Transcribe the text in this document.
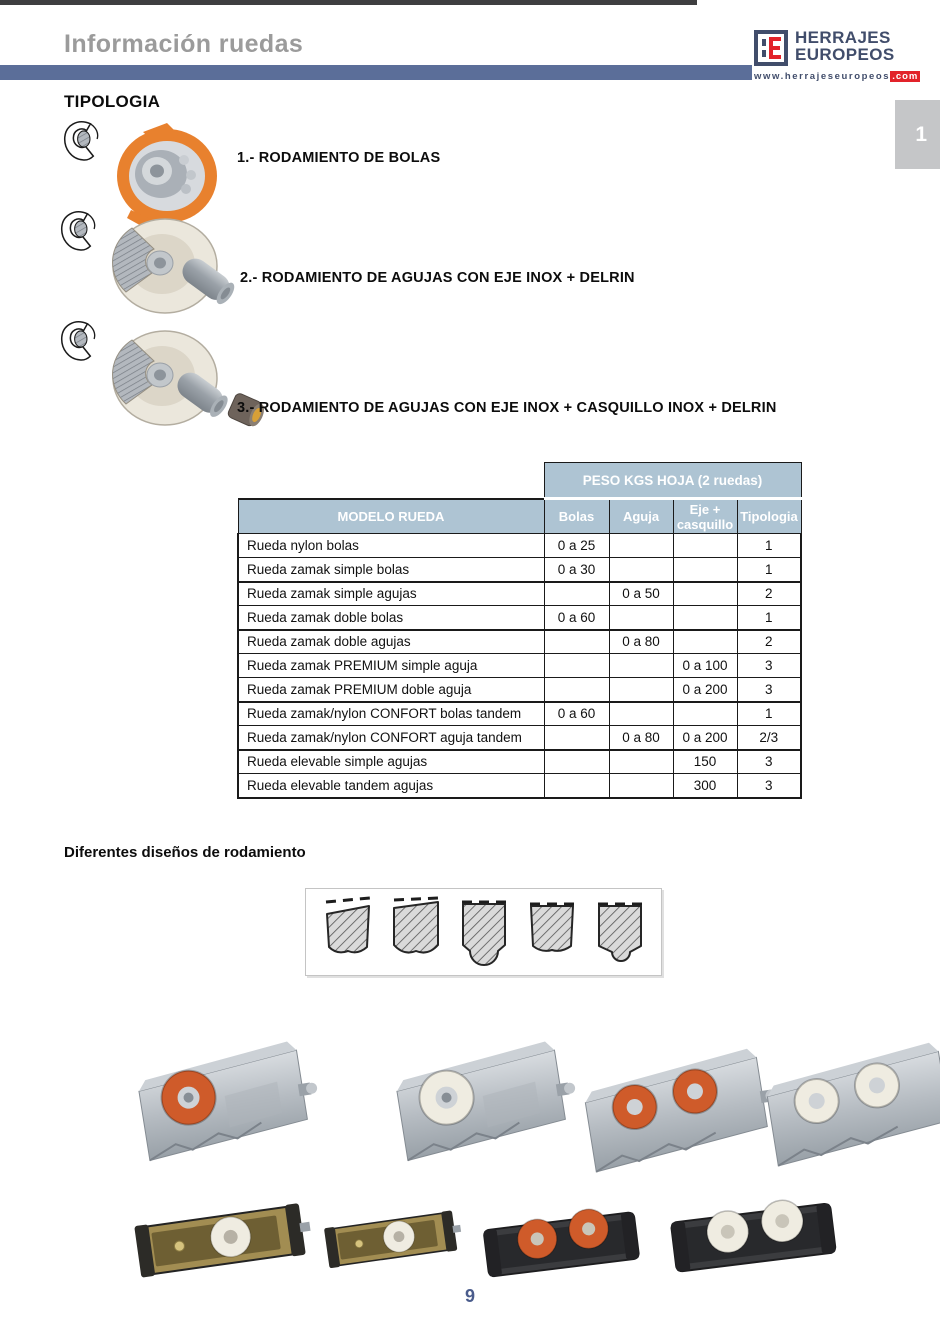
Información ruedas	HERRAJES
EUROPEOS
www.herrajeseuropeos .com
1
TIPOLOGIA
1.- RODAMIENTO DE BOLAS
2.- RODAMIENTO DE AGUJAS CON EJE INOX + DELRIN
3.- RODAMIENTO DE AGUJAS CON EJE INOX + CASQUILLO INOX + DELRIN
	PESO KGS HOJA (2 ruedas)			
MODELO RUEDA	Bolas	Aguja	Eje + casquillo	Tipologia
Rueda nylon bolas	0 a 25			1
Rueda zamak simple bolas	0 a 30			1
Rueda zamak simple agujas		0 a 50		2
Rueda zamak doble bolas	0 a 60			1
Rueda zamak doble agujas		0 a 80		2
Rueda zamak PREMIUM simple aguja			0 a 100	3
Rueda zamak PREMIUM doble aguja			0 a 200	3
Rueda zamak/nylon CONFORT bolas tandem	0 a 60			1
Rueda zamak/nylon CONFORT aguja tandem		0 a 80	0 a 200	2/3
Rueda elevable simple agujas			150	3
Rueda elevable tandem agujas			300	3
Diferentes diseños de rodamiento
9
